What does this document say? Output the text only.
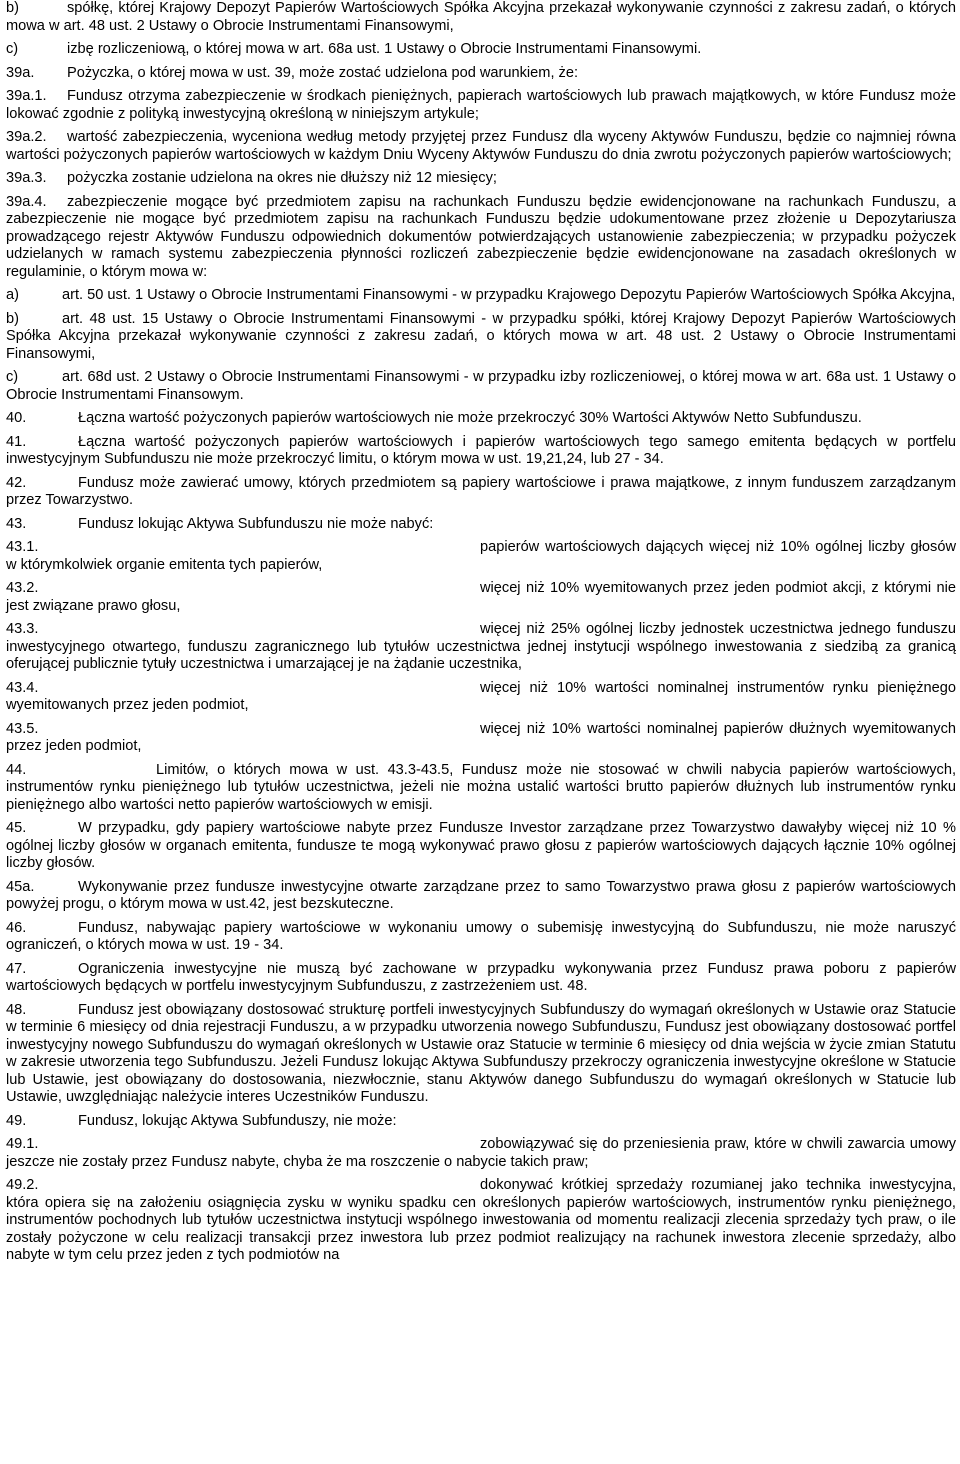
b)	spółkę, której Krajowy Depozyt Papierów Wartościowych Spółka Akcyjna przekazał wykonywanie czynności z zakresu zadań, o których mowa w art. 48 ust. 2 Ustawy o Obrocie Instrumentami Finansowymi,

c)	izbę rozliczeniową, o której mowa w art. 68a ust. 1 Ustawy o Obrocie Instrumentami Finansowymi.

39a. Pożyczka, o której mowa w ust. 39, może zostać udzielona pod warunkiem, że:

39a.1. Fundusz otrzyma zabezpieczenie w środkach pieniężnych, papierach wartościowych lub prawach majątkowych, w które Fundusz może lokować zgodnie z polityką inwestycyjną określoną w niniejszym artykule;

39a.2. wartość zabezpieczenia, wyceniona według metody przyjętej przez Fundusz dla wyceny Aktywów Funduszu, będzie co najmniej równa wartości pożyczonych papierów wartościowych w każdym Dniu Wyceny Aktywów Funduszu do dnia zwrotu pożyczonych papierów wartościowych;

39a.3. pożyczka zostanie udzielona na okres nie dłuższy niż 12 miesięcy;

39a.4. zabezpieczenie mogące być przedmiotem zapisu na rachunkach Funduszu będzie ewidencjonowane na rachunkach Funduszu, a zabezpieczenie nie mogące być przedmiotem zapisu na rachunkach Funduszu będzie udokumentowane przez złożenie u Depozytariusza prowadzącego rejestr Aktywów Funduszu odpowiednich dokumentów potwierdzających ustanowienie zabezpieczenia; w przypadku pożyczek udzielanych w ramach systemu zabezpieczenia płynności rozliczeń zabezpieczenie będzie ewidencjonowane na zasadach określonych w regulaminie, o którym mowa w:

a)	art. 50 ust. 1 Ustawy o Obrocie Instrumentami Finansowymi - w przypadku Krajowego Depozytu Papierów Wartościowych Spółka Akcyjna,

b)	art. 48 ust. 15 Ustawy o Obrocie Instrumentami Finansowymi - w przypadku spółki, której Krajowy Depozyt Papierów Wartościowych Spółka Akcyjna przekazał wykonywanie czynności z zakresu zadań, o których mowa w art. 48 ust. 2 Ustawy o Obrocie Instrumentami Finansowymi,

c)	art. 68d ust. 2 Ustawy o Obrocie Instrumentami Finansowymi - w przypadku izby rozliczeniowej, o której mowa w art. 68a ust. 1 Ustawy o Obrocie Instrumentami Finansowym.

40.	Łączna wartość pożyczonych papierów wartościowych nie może przekroczyć 30% Wartości Aktywów Netto Subfunduszu.

41.	Łączna wartość pożyczonych papierów wartościowych i papierów wartościowych tego samego emitenta będących w portfelu inwestycyjnym Subfunduszu nie może przekroczyć limitu, o którym mowa w ust. 19,21,24, lub 27 - 34.

42.	Fundusz może zawierać umowy, których przedmiotem są papiery wartościowe i prawa majątkowe, z innym funduszem zarządzanym przez Towarzystwo.

43.	Fundusz lokując Aktywa Subfunduszu nie może nabyć:

43.1.	papierów wartościowych dających więcej niż 10% ogólnej liczby głosów w którymkolwiek organie emitenta tych papierów,

43.2.	więcej niż 10% wyemitowanych przez jeden podmiot akcji, z którymi nie jest związane prawo głosu,

43.3.	więcej niż 25% ogólnej liczby jednostek uczestnictwa jednego funduszu inwestycyjnego otwartego, funduszu zagranicznego lub tytułów uczestnictwa jednej instytucji wspólnego inwestowania z siedzibą za granicą oferującej publicznie tytuły uczestnictwa i umarzającej je na żądanie uczestnika,

43.4.	więcej niż 10% wartości nominalnej instrumentów rynku pieniężnego wyemitowanych przez jeden podmiot,

43.5.	więcej niż 10% wartości nominalnej papierów dłużnych wyemitowanych przez jeden podmiot,

44.	Limitów, o których mowa w ust. 43.3-43.5, Fundusz może nie stosować w chwili nabycia papierów wartościowych, instrumentów rynku pieniężnego lub tytułów uczestnictwa, jeżeli nie można ustalić wartości brutto papierów dłużnych lub instrumentów rynku pieniężnego albo wartości netto papierów wartościowych w emisji.

45.	W przypadku, gdy papiery wartościowe nabyte przez Fundusze Investor zarządzane przez Towarzystwo dawałyby więcej niż 10 % ogólnej liczby głosów w organach emitenta, fundusze te mogą wykonywać prawo głosu z papierów wartościowych dających łącznie 10% ogólnej liczby głosów.

45a.	Wykonywanie przez fundusze inwestycyjne otwarte zarządzane przez to samo Towarzystwo prawa głosu z papierów wartościowych powyżej progu, o którym mowa w ust.42, jest bezskuteczne.

46.	Fundusz, nabywając papiery wartościowe w wykonaniu umowy o subemisję inwestycyjną do Subfunduszu, nie może naruszyć ograniczeń, o których mowa w ust. 19 - 34.

47.	Ograniczenia inwestycyjne nie muszą być zachowane w przypadku wykonywania przez Fundusz prawa poboru z papierów wartościowych będących w portfelu inwestycyjnym Subfunduszu, z zastrzeżeniem ust. 48.

48.	Fundusz jest obowiązany dostosować strukturę portfeli inwestycyjnych Subfunduszy do wymagań określonych w Ustawie oraz Statucie w terminie 6 miesięcy od dnia rejestracji Funduszu, a w przypadku utworzenia nowego Subfunduszu, Fundusz jest obowiązany dostosować portfel inwestycyjny nowego Subfunduszu do wymagań określonych w Ustawie oraz Statucie w terminie 6 miesięcy od dnia wejścia w życie zmian Statutu w zakresie utworzenia tego Subfunduszu. Jeżeli Fundusz lokując Aktywa Subfunduszy przekroczy ograniczenia inwestycyjne określone w Statucie lub Ustawie, jest obowiązany do dostosowania, niezwłocznie, stanu Aktywów danego Subfunduszu do wymagań określonych w Statucie lub Ustawie, uwzględniając należycie interes Uczestników Funduszu.

49.	Fundusz, lokując Aktywa Subfunduszy, nie może:

49.1.	zobowiązywać się do przeniesienia praw, które w chwili zawarcia umowy jeszcze nie zostały przez Fundusz nabyte, chyba że ma roszczenie o nabycie takich praw;

49.2.	dokonywać krótkiej sprzedaży rozumianej jako technika inwestycyjna, która opiera się na założeniu osiągnięcia zysku w wyniku spadku cen określonych papierów wartościowych, instrumentów rynku pieniężnego, instrumentów pochodnych lub tytułów uczestnictwa instytucji wspólnego inwestowania od momentu realizacji zlecenia sprzedaży tych praw, o ile zostały pożyczone w celu realizacji transakcji przez inwestora lub przez podmiot realizujący na rachunek inwestora zlecenie sprzedaży, albo nabyte w tym celu przez jeden z tych podmiotów na
